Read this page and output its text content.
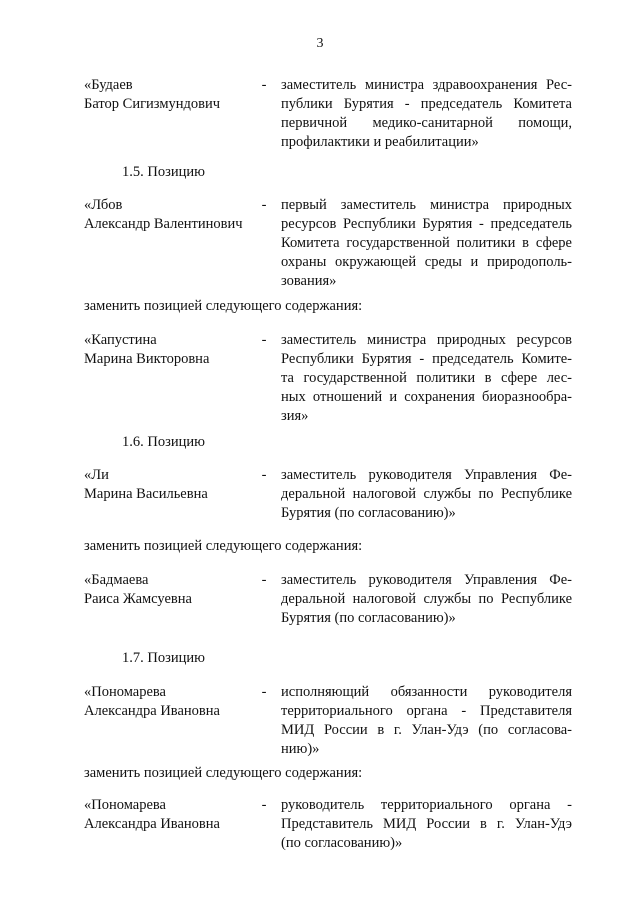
3
«Будаев
Батор Сигизмундович
-	заместитель министра здравоохранения Рес-
публики Бурятия - председатель Комитета
первичной медико-санитарной помощи,
профилактики и реабилитации»
1.5. Позицию
«Лбов
Александр Валентинович
-	первый заместитель министра природных
ресурсов Республики Бурятия - председатель
Комитета государственной политики в сфере
охраны окружающей среды и природополь-
зования»
заменить позицией следующего содержания:
«Капустина
Марина Викторовна
-	заместитель министра природных ресурсов
Республики Бурятия - председатель Комите-
та государственной политики в сфере лес-
ных отношений и сохранения биоразнообра-
зия»
1.6. Позицию
«Ли
Марина Васильевна
-	заместитель руководителя Управления Фе-
деральной налоговой службы по Республике
Бурятия (по согласованию)»
заменить позицией следующего содержания:
«Бадмаева
Раиса Жамсуевна
-	заместитель руководителя Управления Фе-
деральной налоговой службы по Республике
Бурятия (по согласованию)»
1.7. Позицию
«Пономарева
Александра Ивановна
-	исполняющий обязанности руководителя
территориального органа - Представителя
МИД России в г. Улан-Удэ (по согласова-
нию)»
заменить позицией следующего содержания:
«Пономарева
Александра Ивановна
-	руководитель территориального органа -
Представитель МИД России в г. Улан-Удэ
(по согласованию)»
